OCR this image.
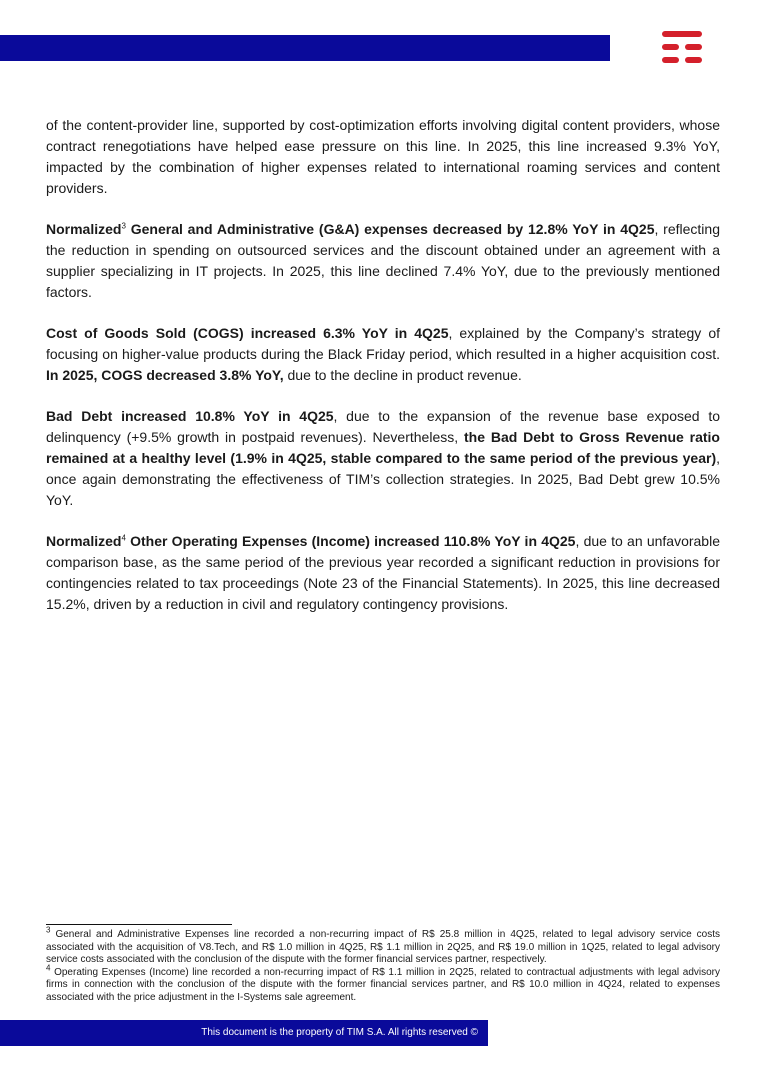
of the content-provider line, supported by cost-optimization efforts involving digital content providers, whose contract renegotiations have helped ease pressure on this line. In 2025, this line increased 9.3% YoY, impacted by the combination of higher expenses related to international roaming services and content providers.

Normalized$^3$ General and Administrative (G&A) expenses decreased by 12.8% YoY in 4Q25, reflecting the reduction in spending on outsourced services and the discount obtained under an agreement with a supplier specializing in IT projects. In 2025, this line declined 7.4% YoY, due to the previously mentioned factors.

Cost of Goods Sold (COGS) increased 6.3% YoY in 4Q25, explained by the Company’s strategy of focusing on higher-value products during the Black Friday period, which resulted in a higher acquisition cost. In 2025, COGS decreased 3.8% YoY, due to the decline in product revenue.

Bad Debt increased 10.8% YoY in 4Q25, due to the expansion of the revenue base exposed to delinquency (+9.5% growth in postpaid revenues). Nevertheless, the Bad Debt to Gross Revenue ratio remained at a healthy level (1.9% in 4Q25, stable compared to the same period of the previous year), once again demonstrating the effectiveness of TIM’s collection strategies. In 2025, Bad Debt grew 10.5% YoY.

Normalized$^4$ Other Operating Expenses (Income) increased 110.8% YoY in 4Q25, due to an unfavorable comparison base, as the same period of the previous year recorded a significant reduction in provisions for contingencies related to tax proceedings (Note 23 of the Financial Statements). In 2025, this line decreased 15.2%, driven by a reduction in civil and regulatory contingency provisions.

$^3$ General and Administrative Expenses line recorded a non-recurring impact of R$ 25.8 million in 4Q25, related to legal advisory service costs associated with the acquisition of V8.Tech, and R$ 1.0 million in 4Q25, R$ 1.1 million in 2Q25, and R$ 19.0 million in 1Q25, related to legal advisory service costs associated with the conclusion of the dispute with the former financial services partner, respectively.

$^4$ Operating Expenses (Income) line recorded a non-recurring impact of R$ 1.1 million in 2Q25, related to contractual adjustments with legal advisory firms in connection with the conclusion of the dispute with the former financial services partner, and R$ 10.0 million in 4Q24, related to expenses associated with the price adjustment in the I-Systems sale agreement.

This document is the property of TIM S.A. All rights reserved ©
